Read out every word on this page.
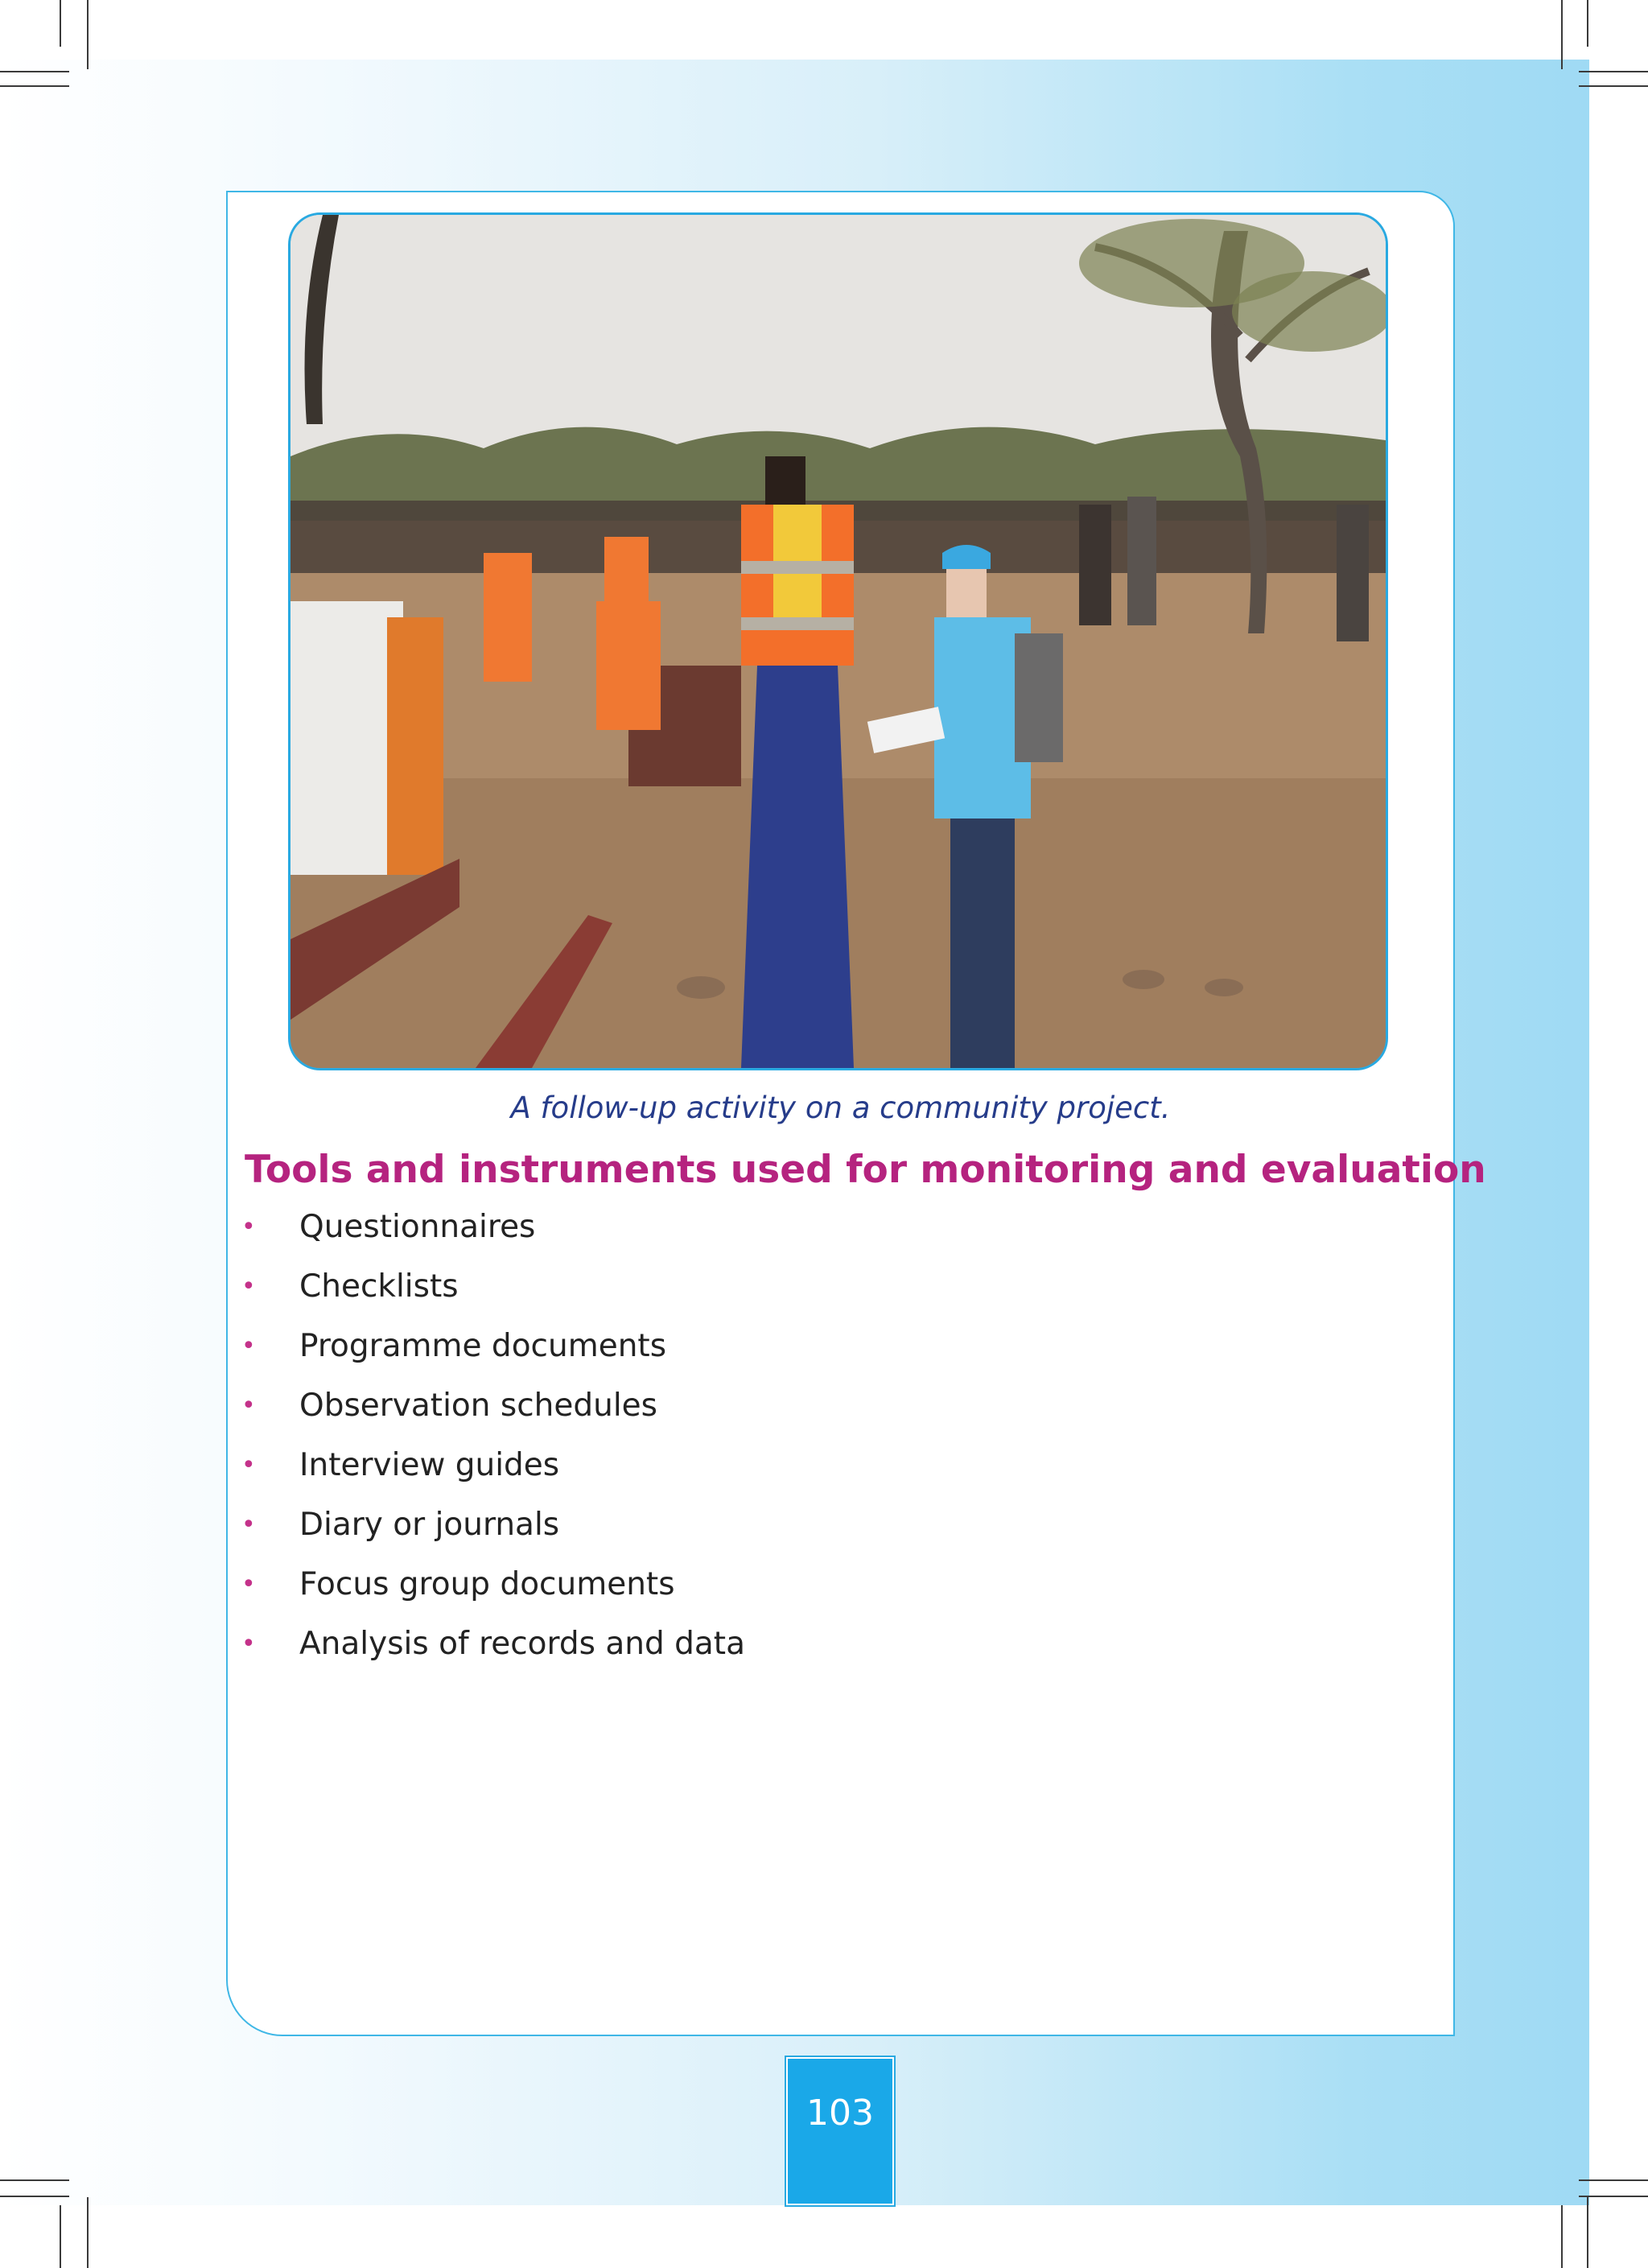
A follow-up activity on a community project.
Tools and instruments used for monitoring and evaluation
• Questionnaires
• Checklists
• Programme documents
• Observation schedules
• Interview guides
• Diary or journals
• Focus group documents
• Analysis of records and data
103
